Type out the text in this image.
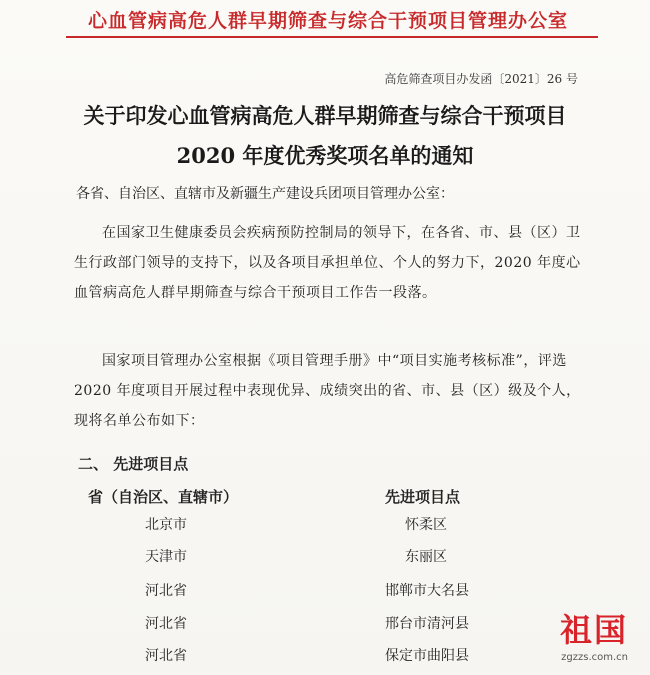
心血管病高危人群早期筛查与综合干预项目管理办公室
高危筛查项目办发函〔2021〕26 号
关于印发心血管病高危人群早期筛查与综合干预项目
2020 年度优秀奖项名单的通知
各省、自治区、直辖市及新疆生产建设兵团项目管理办公室：
在国家卫生健康委员会疾病预防控制局的领导下，在各省、市、县（区）卫生行政部门领导的支持下，以及各项目承担单位、个人的努力下，2020 年度心血管病高危人群早期筛查与综合干预项目工作告一段落。
国家项目管理办公室根据《项目管理手册》中“项目实施考核标准”，评选 2020 年度项目开展过程中表现优异、成绩突出的省、市、县（区）级及个人，现将名单公布如下：
二、 先进项目点
省（自治区、直辖市）	先进项目点
北京市	怀柔区
天津市	东丽区
河北省	邯郸市大名县
河北省	邢台市清河县
河北省	保定市曲阳县
祖国
zgzzs.com.cn
